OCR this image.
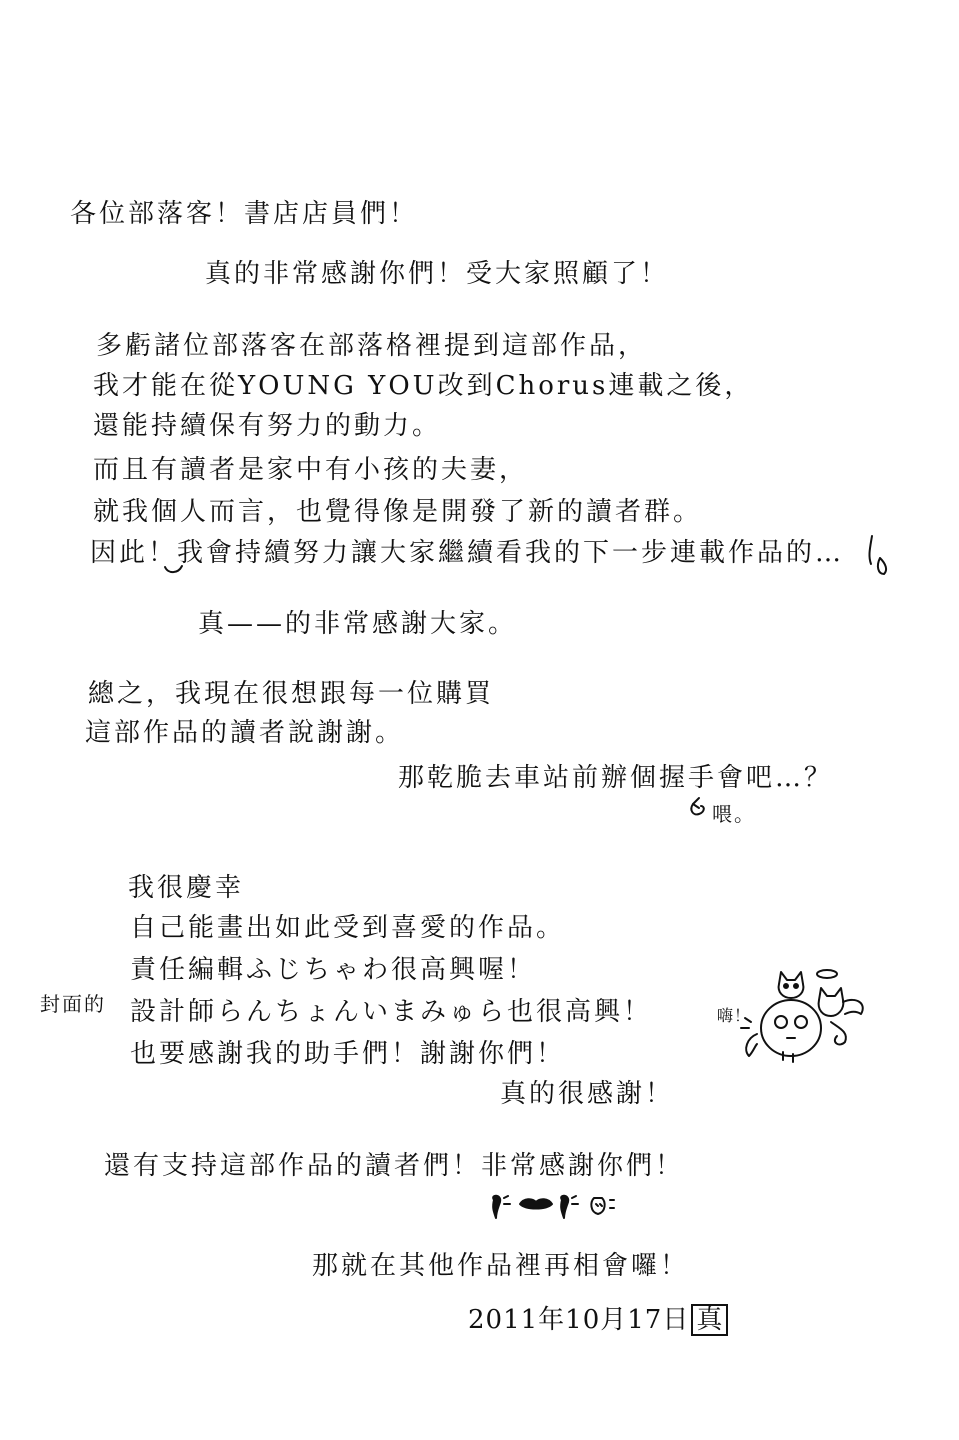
各位部落客！書店店員們！
真的非常感謝你們！受大家照顧了！
多虧諸位部落客在部落格裡提到這部作品，
我才能在從YOUNG YOU改到Chorus連載之後，
還能持續保有努力的動力。
而且有讀者是家中有小孩的夫妻，
就我個人而言，也覺得像是開發了新的讀者群。
因此！我會持續努力讓大家繼續看我的下一步連載作品的…
真——的非常感謝大家。
總之，我現在很想跟每一位購買
這部作品的讀者說謝謝。
那乾脆去車站前辦個握手會吧…？
喂。
我很慶幸
自己能畫出如此受到喜愛的作品。
責任編輯ふじちゃわ很高興喔！
封面的 設計師らんちょんいまみゅら也很高興！
也要感謝我的助手們！謝謝你們！
嗨！
真的很感謝！
還有支持這部作品的讀者們！非常感謝你們！
那就在其他作品裡再相會囉！
2011年10月17日 真
